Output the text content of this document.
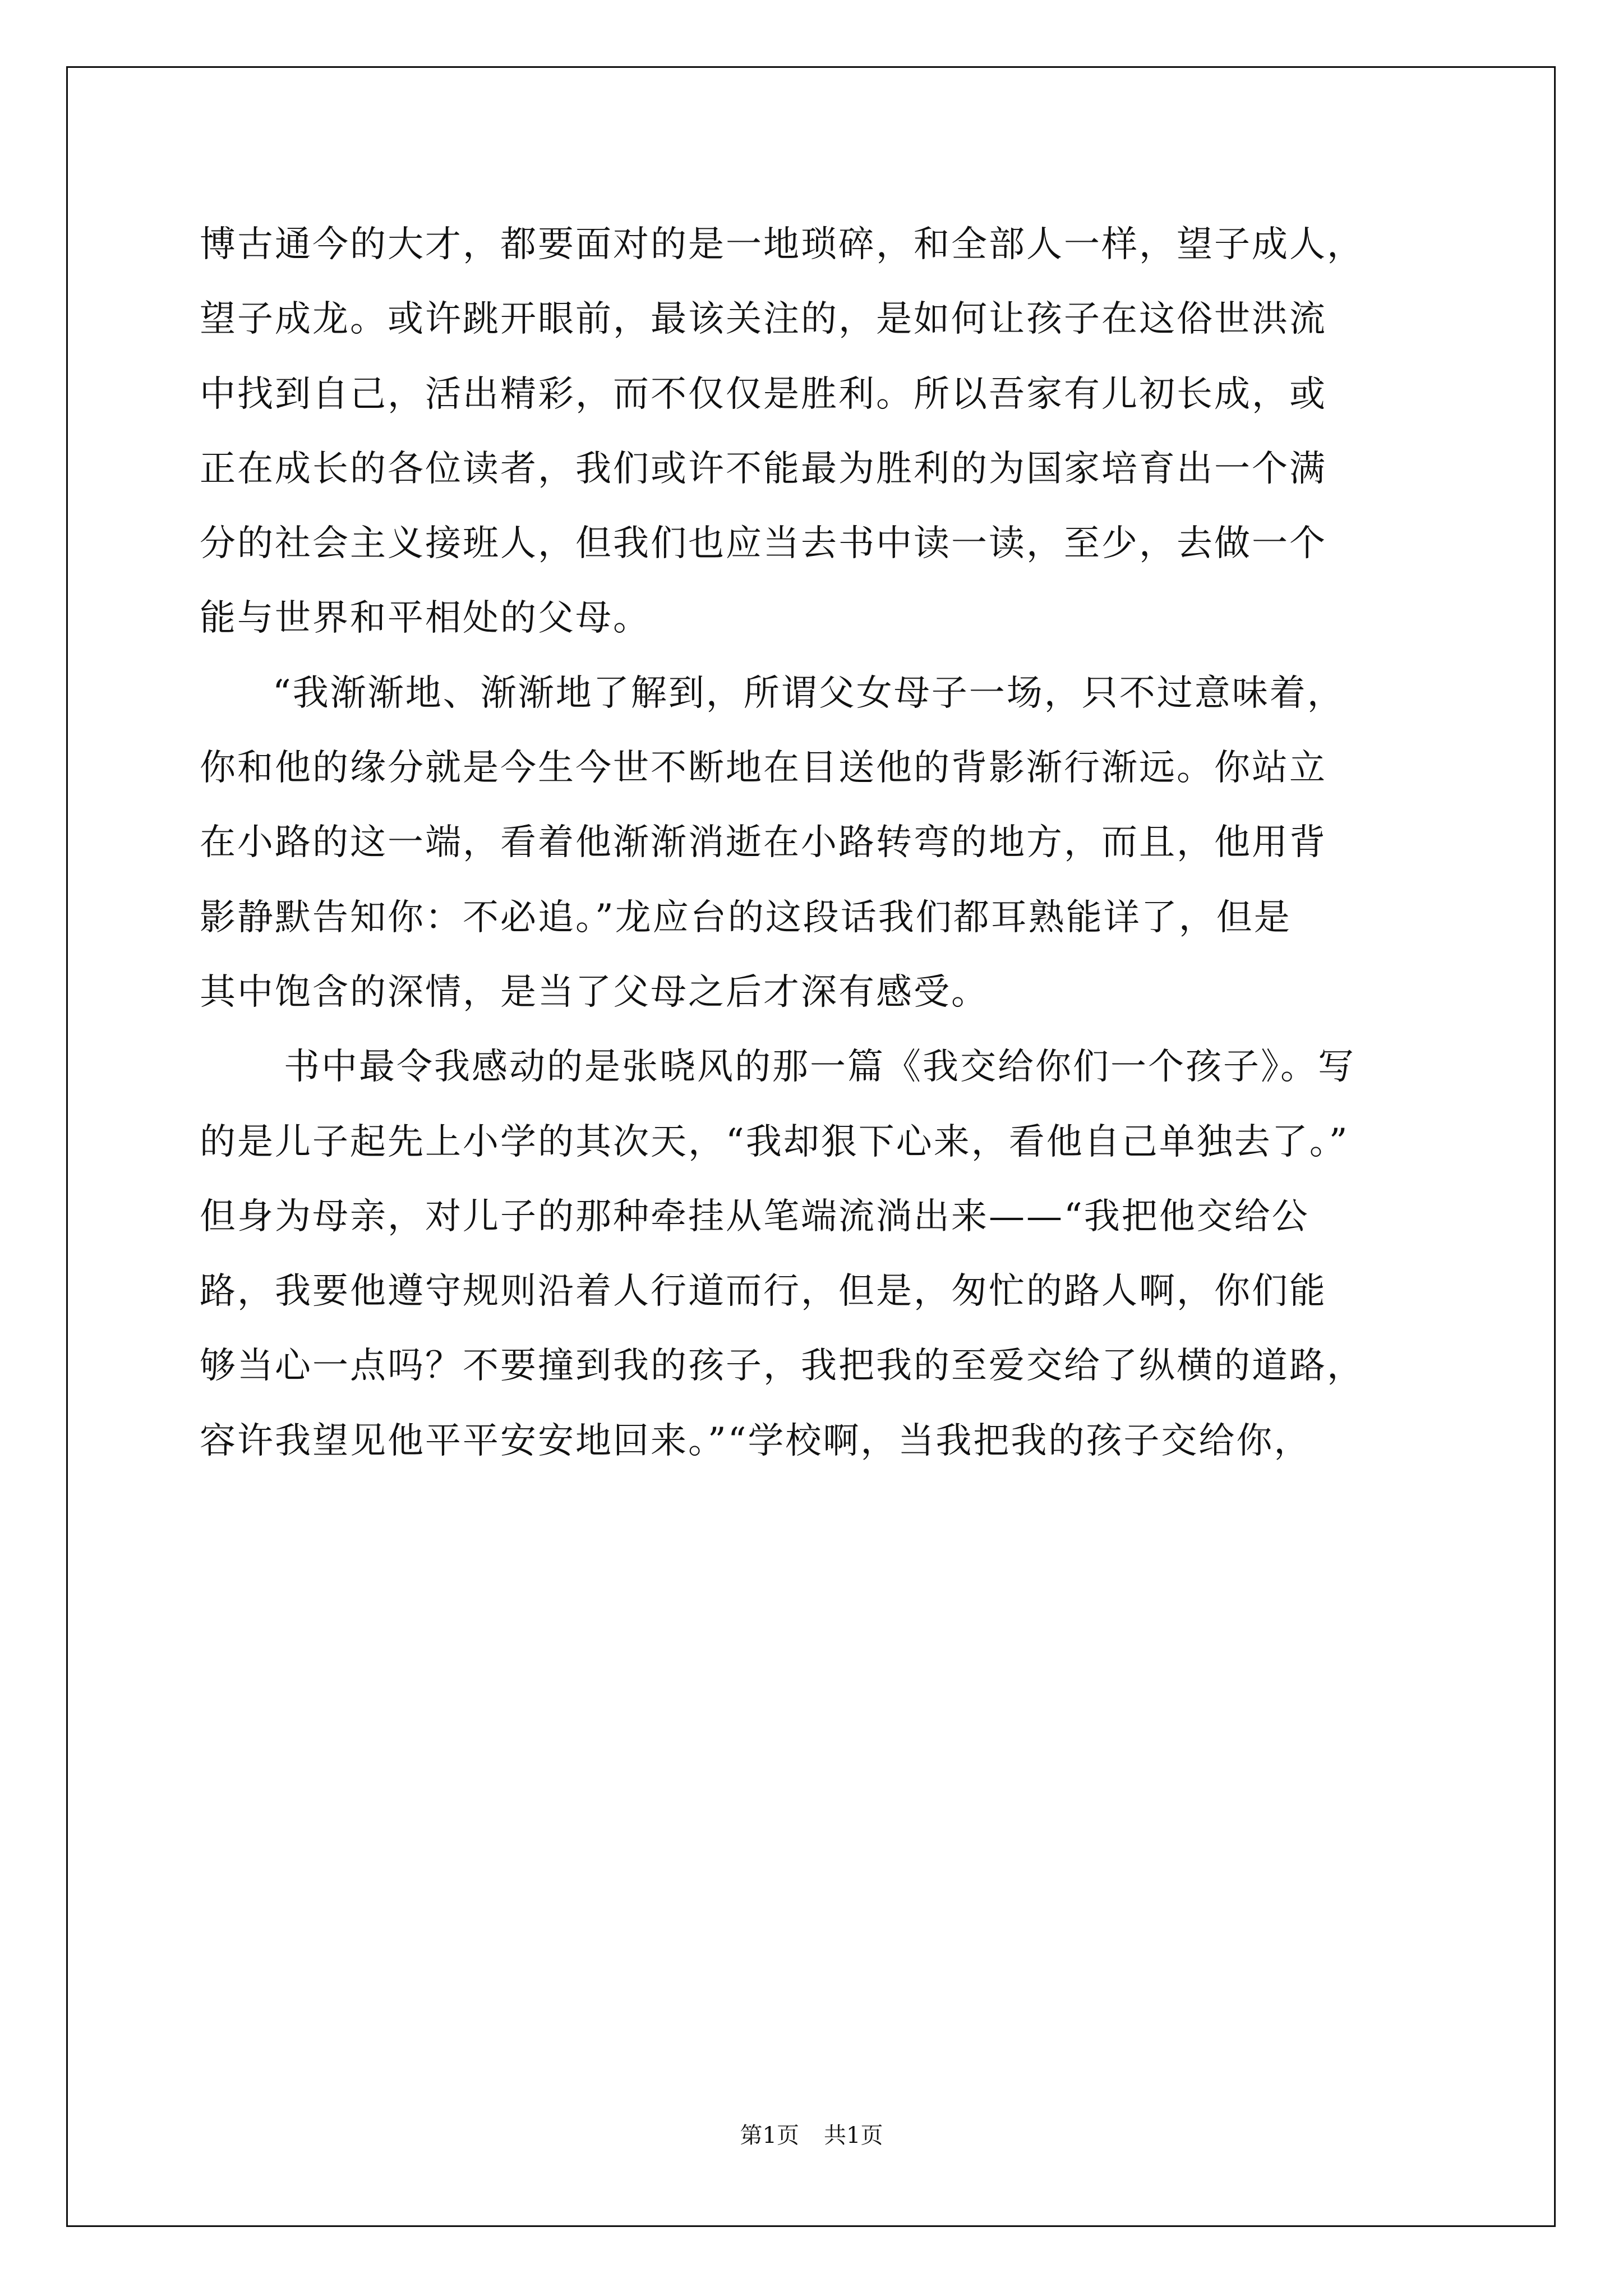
博古通今的大才，都要面对的是一地琐碎，和全部人一样，望子成人，
望子成龙。或许跳开眼前，最该关注的，是如何让孩子在这俗世洪流
中找到自己，活出精彩，而不仅仅是胜利。所以吾家有儿初长成，或
正在成长的各位读者，我们或许不能最为胜利的为国家培育出一个满
分的社会主义接班人，但我们也应当去书中读一读，至少，去做一个
能与世界和平相处的父母。
“我渐渐地、渐渐地了解到，所谓父女母子一场，只不过意味着，
你和他的缘分就是今生今世不断地在目送他的背影渐行渐远。你站立
在小路的这一端，看着他渐渐消逝在小路转弯的地方，而且，他用背
影静默告知你：不必追。”龙应台的这段话我们都耳熟能详了，但是
其中饱含的深情，是当了父母之后才深有感受。
书中最令我感动的是张晓风的那一篇《我交给你们一个孩子》。写
的是儿子起先上小学的其次天，“我却狠下心来，看他自己单独去了。”
但身为母亲，对儿子的那种牵挂从笔端流淌出来——“我把他交给公
路，我要他遵守规则沿着人行道而行，但是，匆忙的路人啊，你们能
够当心一点吗？不要撞到我的孩子，我把我的至爱交给了纵横的道路，
容许我望见他平平安安地回来。”“学校啊，当我把我的孩子交给你，
第1页 共1页
